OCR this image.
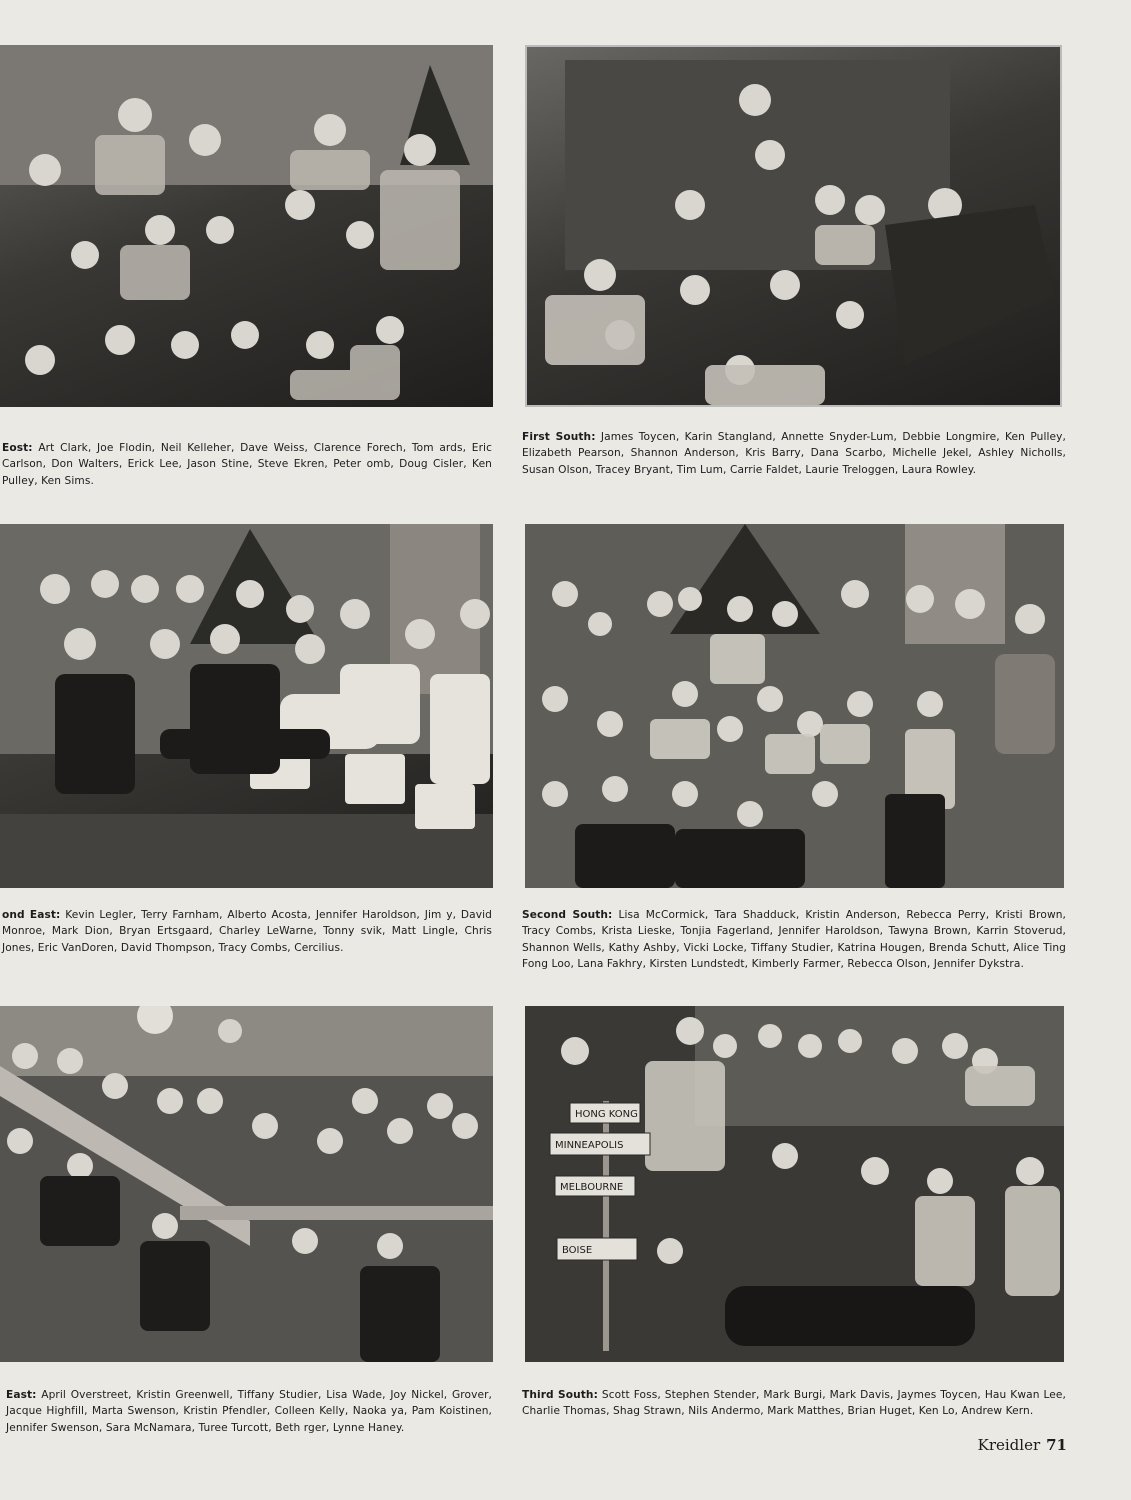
Eost: Art Clark, Joe Flodin, Neil Kelleher, Dave Weiss, Clarence Forech, Tom ards, Eric Carlson, Don Walters, Erick Lee, Jason Stine, Steve Ekren, Peter omb, Doug Cisler, Ken Pulley, Ken Sims.
First South: James Toycen, Karin Stangland, Annette Snyder-Lum, Debbie Longmire, Ken Pulley, Elizabeth Pearson, Shannon Anderson, Kris Barry, Dana Scarbo, Michelle Jekel, Ashley Nicholls, Susan Olson, Tracey Bryant, Tim Lum, Carrie Faldet, Laurie Treloggen, Laura Rowley.
ond East: Kevin Legler, Terry Farnham, Alberto Acosta, Jennifer Haroldson, Jim y, David Monroe, Mark Dion, Bryan Ertsgaard, Charley LeWarne, Tonny svik, Matt Lingle, Chris Jones, Eric VanDoren, David Thompson, Tracy Combs, Cercilius.
Second South: Lisa McCormick, Tara Shadduck, Kristin Anderson, Rebecca Perry, Kristi Brown, Tracy Combs, Krista Lieske, Tonjia Fagerland, Jennifer Haroldson, Tawyna Brown, Karrin Stoverud, Shannon Wells, Kathy Ashby, Vicki Locke, Tiffany Studier, Katrina Hougen, Brenda Schutt, Alice Ting Fong Loo, Lana Fakhry, Kirsten Lundstedt, Kimberly Farmer, Rebecca Olson, Jennifer Dykstra.
HONG KONG
MINNEAPOLIS
MELBOURNE
BOISE
East: April Overstreet, Kristin Greenwell, Tiffany Studier, Lisa Wade, Joy Nickel, Grover, Jacque Highfill, Marta Swenson, Kristin Pfendler, Colleen Kelly, Naoka ya, Pam Koistinen, Jennifer Swenson, Sara McNamara, Turee Turcott, Beth rger, Lynne Haney.
Third South: Scott Foss, Stephen Stender, Mark Burgi, Mark Davis, Jaymes Toycen, Hau Kwan Lee, Charlie Thomas, Shag Strawn, Nils Andermo, Mark Matthes, Brian Huget, Ken Lo, Andrew Kern.
Kreidler 71
